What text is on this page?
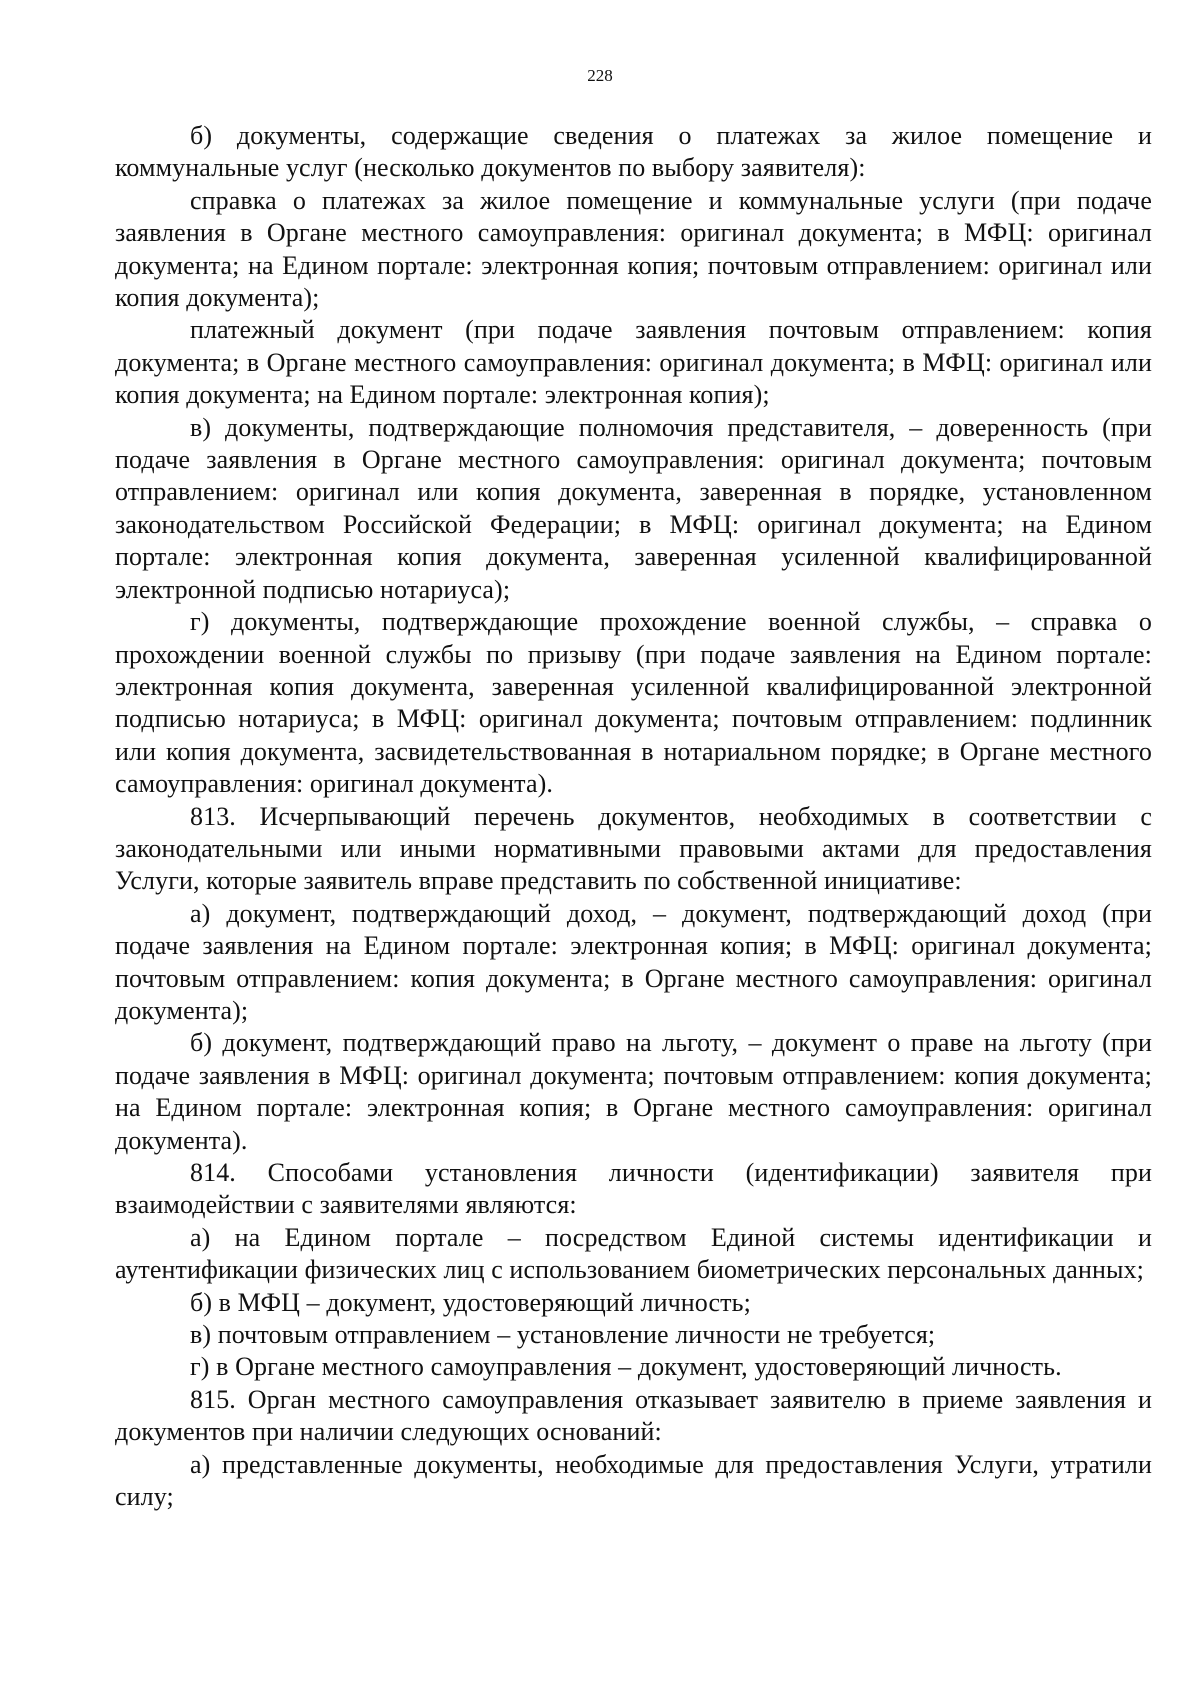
228

б) документы, содержащие сведения о платежах за жилое помещение и коммунальные услуг (несколько документов по выбору заявителя):

справка о платежах за жилое помещение и коммунальные услуги (при подаче заявления в Органе местного самоуправления: оригинал документа; в МФЦ: оригинал документа; на Едином портале: электронная копия; почтовым отправлением: оригинал или копия документа);

платежный документ (при подаче заявления почтовым отправлением: копия документа; в Органе местного самоуправления: оригинал документа; в МФЦ: оригинал или копия документа; на Едином портале: электронная копия);

в) документы, подтверждающие полномочия представителя, – доверенность (при подаче заявления в Органе местного самоуправления: оригинал документа; почтовым отправлением: оригинал или копия документа, заверенная в порядке, установленном законодательством Российской Федерации; в МФЦ: оригинал документа; на Едином портале: электронная копия документа, заверенная усиленной квалифицированной электронной подписью нотариуса);

г) документы, подтверждающие прохождение военной службы, – справка о прохождении военной службы по призыву (при подаче заявления на Едином портале: электронная копия документа, заверенная усиленной квалифицированной электронной подписью нотариуса; в МФЦ: оригинал документа; почтовым отправлением: подлинник или копия документа, засвидетельствованная в нотариальном порядке; в Органе местного самоуправления: оригинал документа).

813. Исчерпывающий перечень документов, необходимых в соответствии с законодательными или иными нормативными правовыми актами для предоставления Услуги, которые заявитель вправе представить по собственной инициативе:

а) документ, подтверждающий доход, – документ, подтверждающий доход (при подаче заявления на Едином портале: электронная копия; в МФЦ: оригинал документа; почтовым отправлением: копия документа; в Органе местного самоуправления: оригинал документа);

б) документ, подтверждающий право на льготу, – документ о праве на льготу (при подаче заявления в МФЦ: оригинал документа; почтовым отправлением: копия документа; на Едином портале: электронная копия; в Органе местного самоуправления: оригинал документа).

814. Способами установления личности (идентификации) заявителя при взаимодействии с заявителями являются:

а) на Едином портале – посредством Единой системы идентификации и аутентификации физических лиц с использованием биометрических персональных данных;

б) в МФЦ – документ, удостоверяющий личность;

в) почтовым отправлением – установление личности не требуется;

г) в Органе местного самоуправления – документ, удостоверяющий личность.

815. Орган местного самоуправления отказывает заявителю в приеме заявления и документов при наличии следующих оснований:

а) представленные документы, необходимые для предоставления Услуги, утратили силу;
